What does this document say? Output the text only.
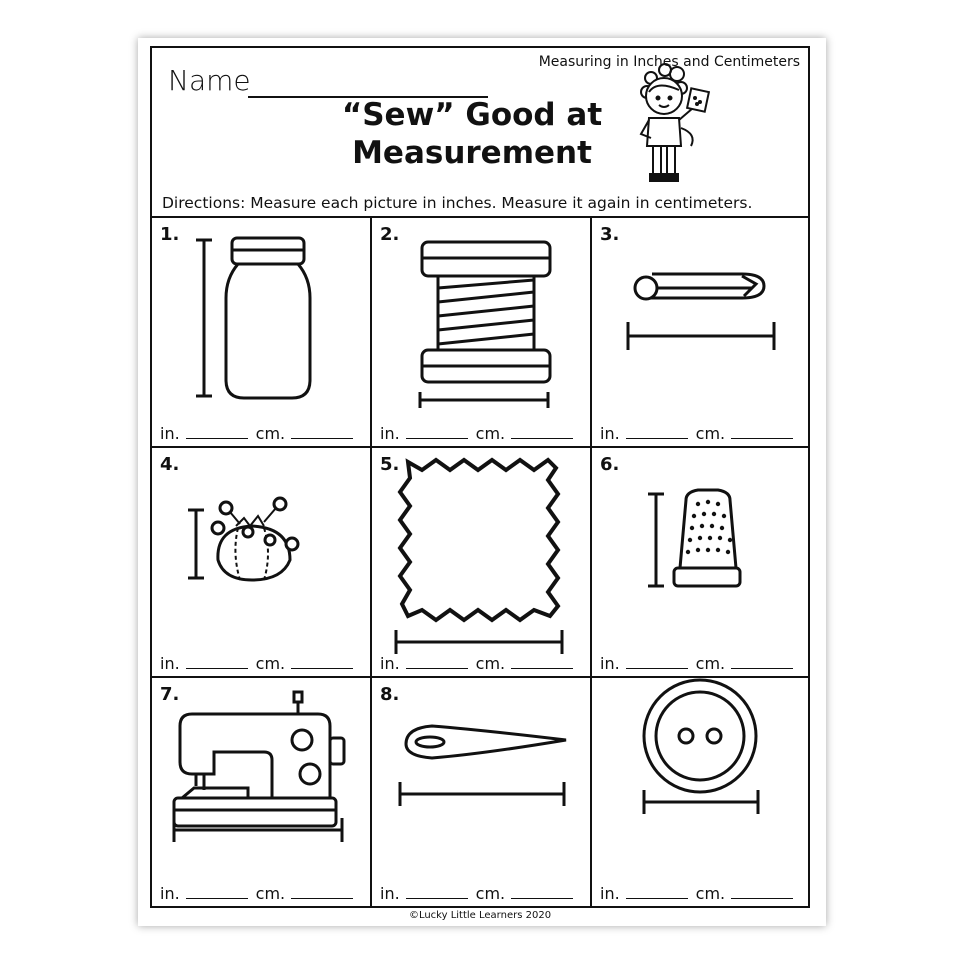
Measuring in Inches and Centimeters
Name
“Sew” Good at
Measurement
Directions: Measure each picture in inches. Measure it again in centimeters.
1.
in.	cm.
2.
in.	cm.
3.
in.	cm.
4.
in.	cm.
5.
in.	cm.
6.
in.	cm.
7.
in.	cm.
8.
in.	cm.	in.	cm.
©Lucky Little Learners 2020
